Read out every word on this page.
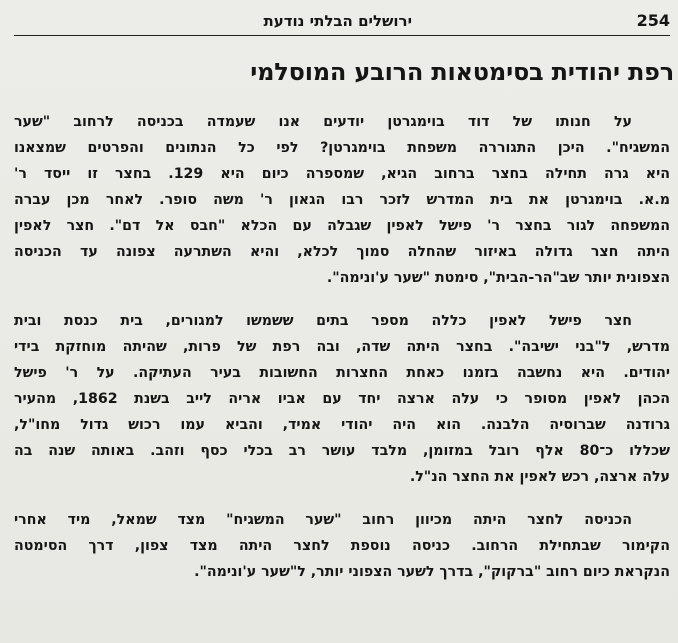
ירושלים הבלתי נודעת	254
רפת יהודית בסימטאות הרובע המוסלמי
על חנותו של דוד בוימגרטן יודעים אנו שעמדה בכניסה לרחוב "שער
המשגיח". היכן התגוררה משפחת בוימגרטן? לפי כל הנתונים והפרטים שמצאנו
היא גרה תחילה בחצר ברחוב הגיא, שמספרה כיום היא 129. בחצר זו ייסד ר'
מ.א. בוימגרטן את בית המדרש לזכר רבו הגאון ר' משה סופר. לאחר מכן עברה
המשפחה לגור בחצר ר' פישל לאפין שגבלה עם הכלא "חבס אל דם". חצר לאפין
היתה חצר גדולה באיזור שהחלה סמוך לכלא, והיא השתרעה צפונה עד הכניסה
הצפונית יותר שב"הר-הבית", סימטת "שער ע'ונימה".
חצר פישל לאפין כללה מספר בתים ששמשו למגורים, בית כנסת ובית
מדרש, ל"בני ישיבה". בחצר היתה שדה, ובה רפת של פרות, שהיתה מוחזקת בידי
יהודים. היא נחשבה בזמנו כאחת החצרות החשובות בעיר העתיקה. על ר' פישל
הכהן לאפין מסופר כי עלה ארצה יחד עם אביו אריה לייב בשנת 1862, מהעיר
גרודנה שברוסיה הלבנה. הוא היה יהודי אמיד, והביא עמו רכוש גדול מחו"ל,
שכללו כ־80 אלף רובל במזומן, מלבד עושר רב בכלי כסף וזהב. באותה שנה בה
עלה ארצה, רכש לאפין את החצר הנ"ל.
הכניסה לחצר היתה מכיוון רחוב "שער המשגיח" מצד שמאל, מיד אחרי
הקימור שבתחילת הרחוב. כניסה נוספת לחצר היתה מצד צפון, דרך הסימטה
הנקראת כיום רחוב "ברקוק", בדרך לשער הצפוני יותר, ל"שער ע'ונימה".
